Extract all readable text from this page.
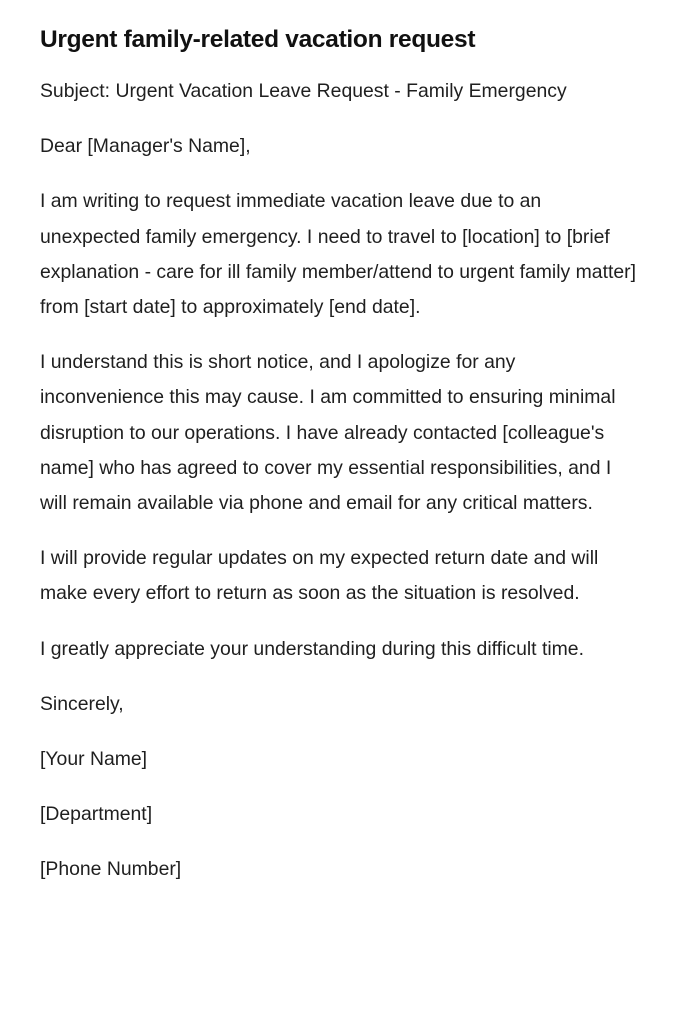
Urgent family-related vacation request

Subject: Urgent Vacation Leave Request - Family Emergency

Dear [Manager's Name],

I am writing to request immediate vacation leave due to an unexpected family emergency. I need to travel to [location] to [brief explanation - care for ill family member/attend to urgent family matter] from [start date] to approximately [end date].

I understand this is short notice, and I apologize for any inconvenience this may cause. I am committed to ensuring minimal disruption to our operations. I have already contacted [colleague's name] who has agreed to cover my essential responsibilities, and I will remain available via phone and email for any critical matters.

I will provide regular updates on my expected return date and will make every effort to return as soon as the situation is resolved.

I greatly appreciate your understanding during this difficult time.

Sincerely,

[Your Name]

[Department]

[Phone Number]
